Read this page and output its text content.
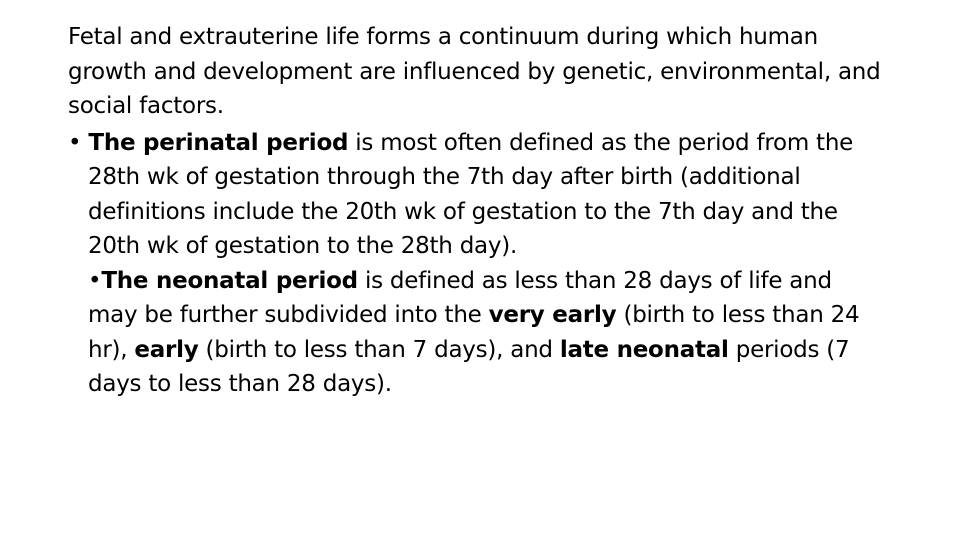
Fetal and extrauterine life forms a continuum during which human growth and development are influenced by genetic, environmental, and social factors.

• The perinatal period is most often defined as the period from the 28th wk of gestation through the 7th day after birth (additional definitions include the 20th wk of gestation to the 7th day and the 20th wk of gestation to the 28th day).
•The neonatal period is defined as less than 28 days of life and may be further subdivided into the very early (birth to less than 24 hr), early (birth to less than 7 days), and late neonatal periods (7 days to less than 28 days).
